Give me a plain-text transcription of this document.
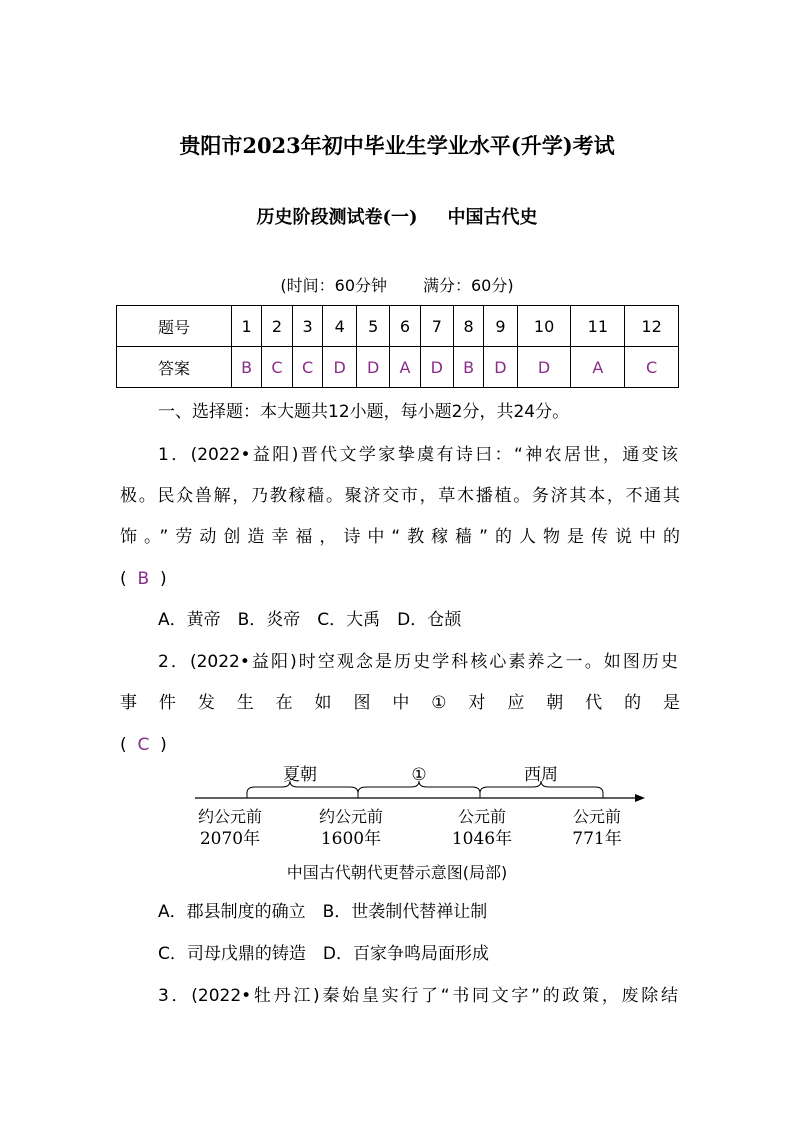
贵阳市2023年初中毕业生学业水平(升学)考试
历史阶段测试卷(一) 中国古代史
(时间：60分钟 满分：60分)
题号	1	2	3	4	5	6	7	8	9	10	11	12
答案	B	C	C	D	D	A	D	B	D	D	A	C
一、选择题：本大题共12小题，每小题2分，共24分。
1．(2022•益阳)晋代文学家挚虞有诗曰：“神农居世，通变该
极。民众兽解，乃教稼穑。聚济交市，草木播植。务济其本，不通其
饰。”劳动创造幸福，诗中“教稼穑”的人物是传说中的
( B )
A．黄帝　B．炎帝　C．大禹　D．仓颉
2．(2022•益阳)时空观念是历史学科核心素养之一。如图历史
事件发生在如图中①对应朝代的是
( C )
夏朝	①	西周
约公元前
2070年
约公元前
1600年
公元前
1046年
公元前
771年
中国古代朝代更替示意图(局部)
A．郡县制度的确立　B．世袭制代替禅让制
C．司母戊鼎的铸造　D．百家争鸣局面形成
3．(2022•牡丹江)秦始皇实行了“书同文字”的政策，废除结
